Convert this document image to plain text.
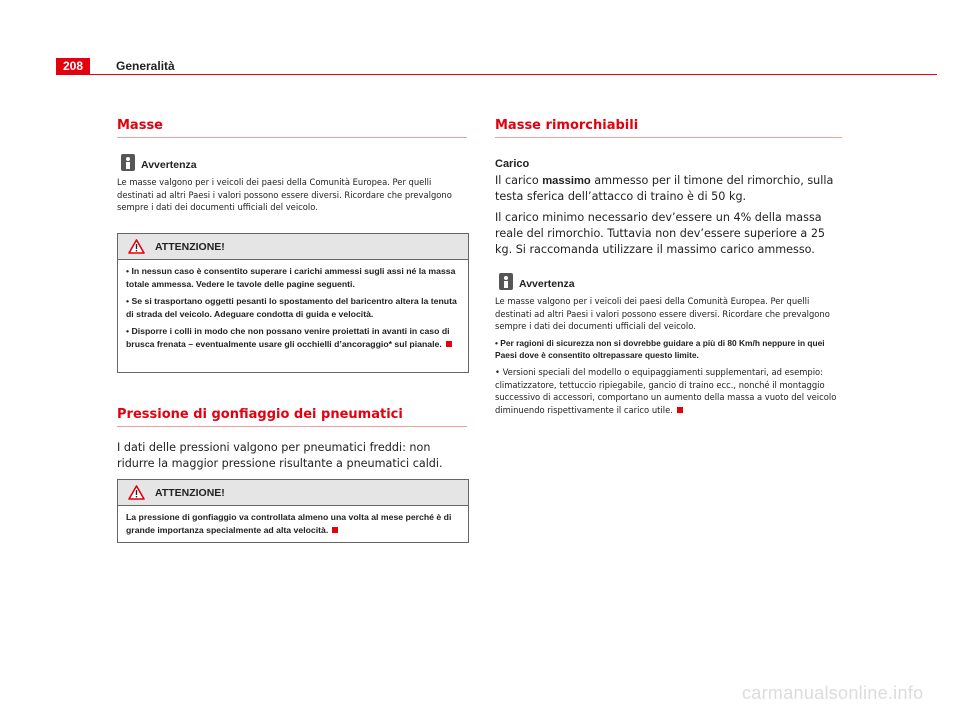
208	Generalità
Masse
Avvertenza

Le masse valgono per i veicoli dei paesi della Comunità Europea. Per quelli destinati ad altri Paesi i valori possono essere diversi. Ricordare che prevalgono sempre i dati dei documenti ufficiali del veicolo.

ATTENZIONE!

• In nessun caso è consentito superare i carichi ammessi sugli assi né la massa totale ammessa. Vedere le tavole delle pagine seguenti.

• Se si trasportano oggetti pesanti lo spostamento del baricentro altera la tenuta di strada del veicolo. Adeguare condotta di guida e velocità.

• Disporre i colli in modo che non possano venire proiettati in avanti in caso di brusca frenata – eventualmente usare gli occhielli d’ancoraggio* sul pianale.

Pressione di gonfiaggio dei pneumatici

I dati delle pressioni valgono per pneumatici freddi: non ridurre la maggior pressione risultante a pneumatici caldi.

ATTENZIONE!

La pressione di gonfiaggio va controllata almeno una volta al mese perché è di grande importanza specialmente ad alta velocità.

Masse rimorchiabili
Carico

Il carico massimo ammesso per il timone del rimorchio, sulla testa sferica dell’attacco di traino è di 50 kg.

Il carico minimo necessario dev’essere un 4% della massa reale del rimorchio. Tuttavia non dev’essere superiore a 25 kg. Si raccomanda utilizzare il massimo carico ammesso.

Avvertenza

Le masse valgono per i veicoli dei paesi della Comunità Europea. Per quelli destinati ad altri Paesi i valori possono essere diversi. Ricordare che prevalgono sempre i dati dei documenti ufficiali del veicolo.

• Per ragioni di sicurezza non si dovrebbe guidare a più di 80 Km/h neppure in quei Paesi dove è consentito oltrepassare questo limite.

• Versioni speciali del modello o equipaggiamenti supplementari, ad esempio: climatizzatore, tettuccio ripiegabile, gancio di traino ecc., nonché il montaggio successivo di accessori, comportano un aumento della massa a vuoto del veicolo diminuendo rispettivamente il carico utile.

carmanualsonline.info
